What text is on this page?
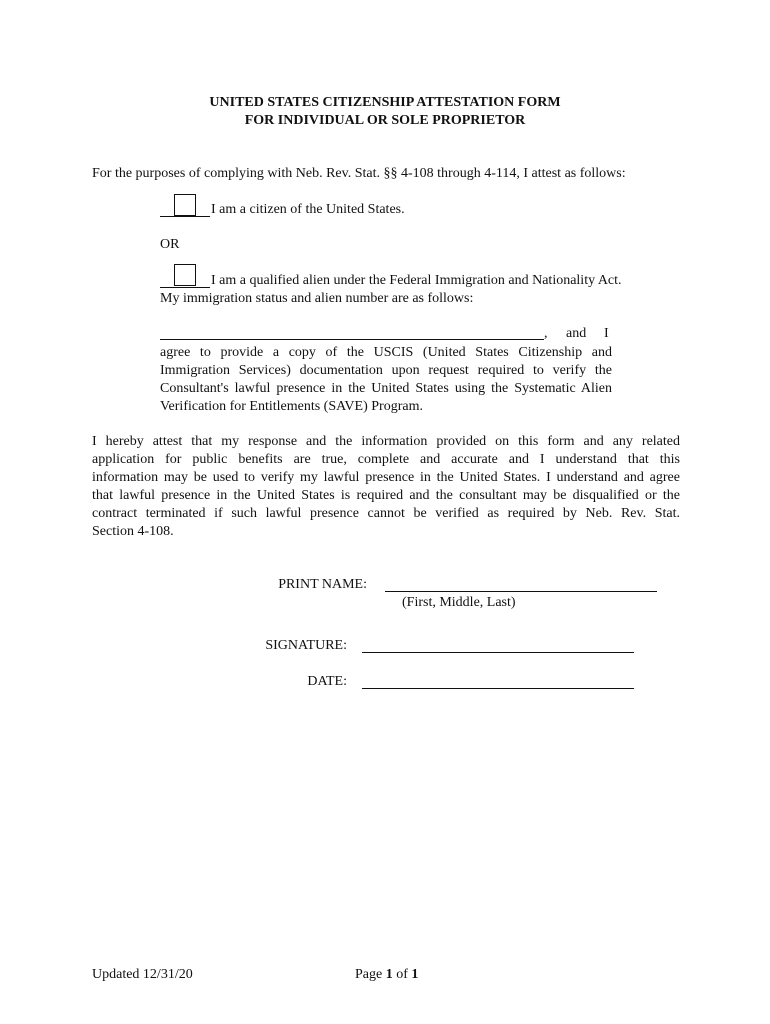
UNITED STATES CITIZENSHIP ATTESTATION FORM
FOR INDIVIDUAL OR SOLE PROPRIETOR
For the purposes of complying with Neb. Rev. Stat. §§ 4-108 through 4-114, I attest as follows:
I am a citizen of the United States.
OR
I am a qualified alien under the Federal Immigration and Nationality Act.
My immigration status and alien number are as follows:
, and I
agree to provide a copy of the USCIS (United States Citizenship and
Immigration Services) documentation upon request required to verify the
Consultant's lawful presence in the United States using the Systematic Alien
Verification for Entitlements (SAVE) Program.
I hereby attest that my response and the information provided on this form and any related
application for public benefits are true, complete and accurate and I understand that this
information may be used to verify my lawful presence in the United States. I understand and agree
that lawful presence in the United States is required and the consultant may be disqualified or the
contract terminated if such lawful presence cannot be verified as required by Neb. Rev. Stat.
Section 4-108.
PRINT NAME:
(First, Middle, Last)
SIGNATURE:
DATE:
Updated 12/31/20	Page 1 of 1
